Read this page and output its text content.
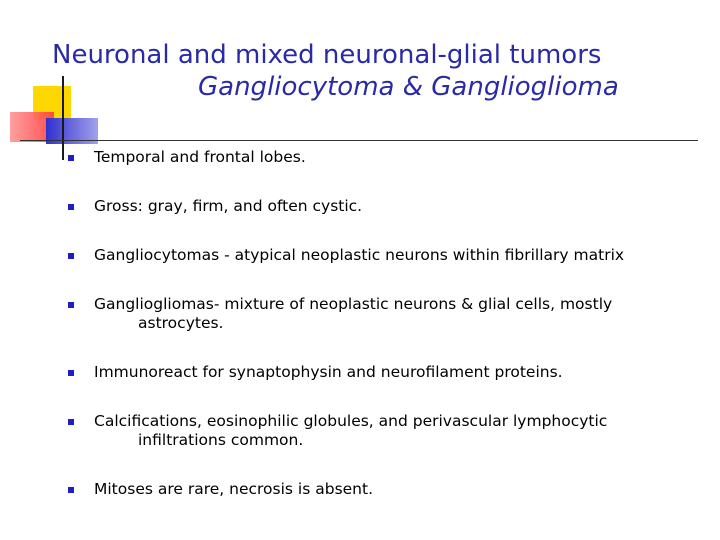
Neuronal and mixed neuronal-glial tumors
Gangliocytoma & Ganglioglioma
Temporal and frontal lobes.
Gross: gray, firm, and often cystic.
Gangliocytomas - atypical neoplastic neurons within fibrillary matrix
Gangliogliomas- mixture of neoplastic neurons & glial cells, mostly
astrocytes.
Immunoreact for synaptophysin and neurofilament proteins.
Calcifications, eosinophilic globules, and perivascular lymphocytic
infiltrations common.
Mitoses are rare, necrosis is absent.
